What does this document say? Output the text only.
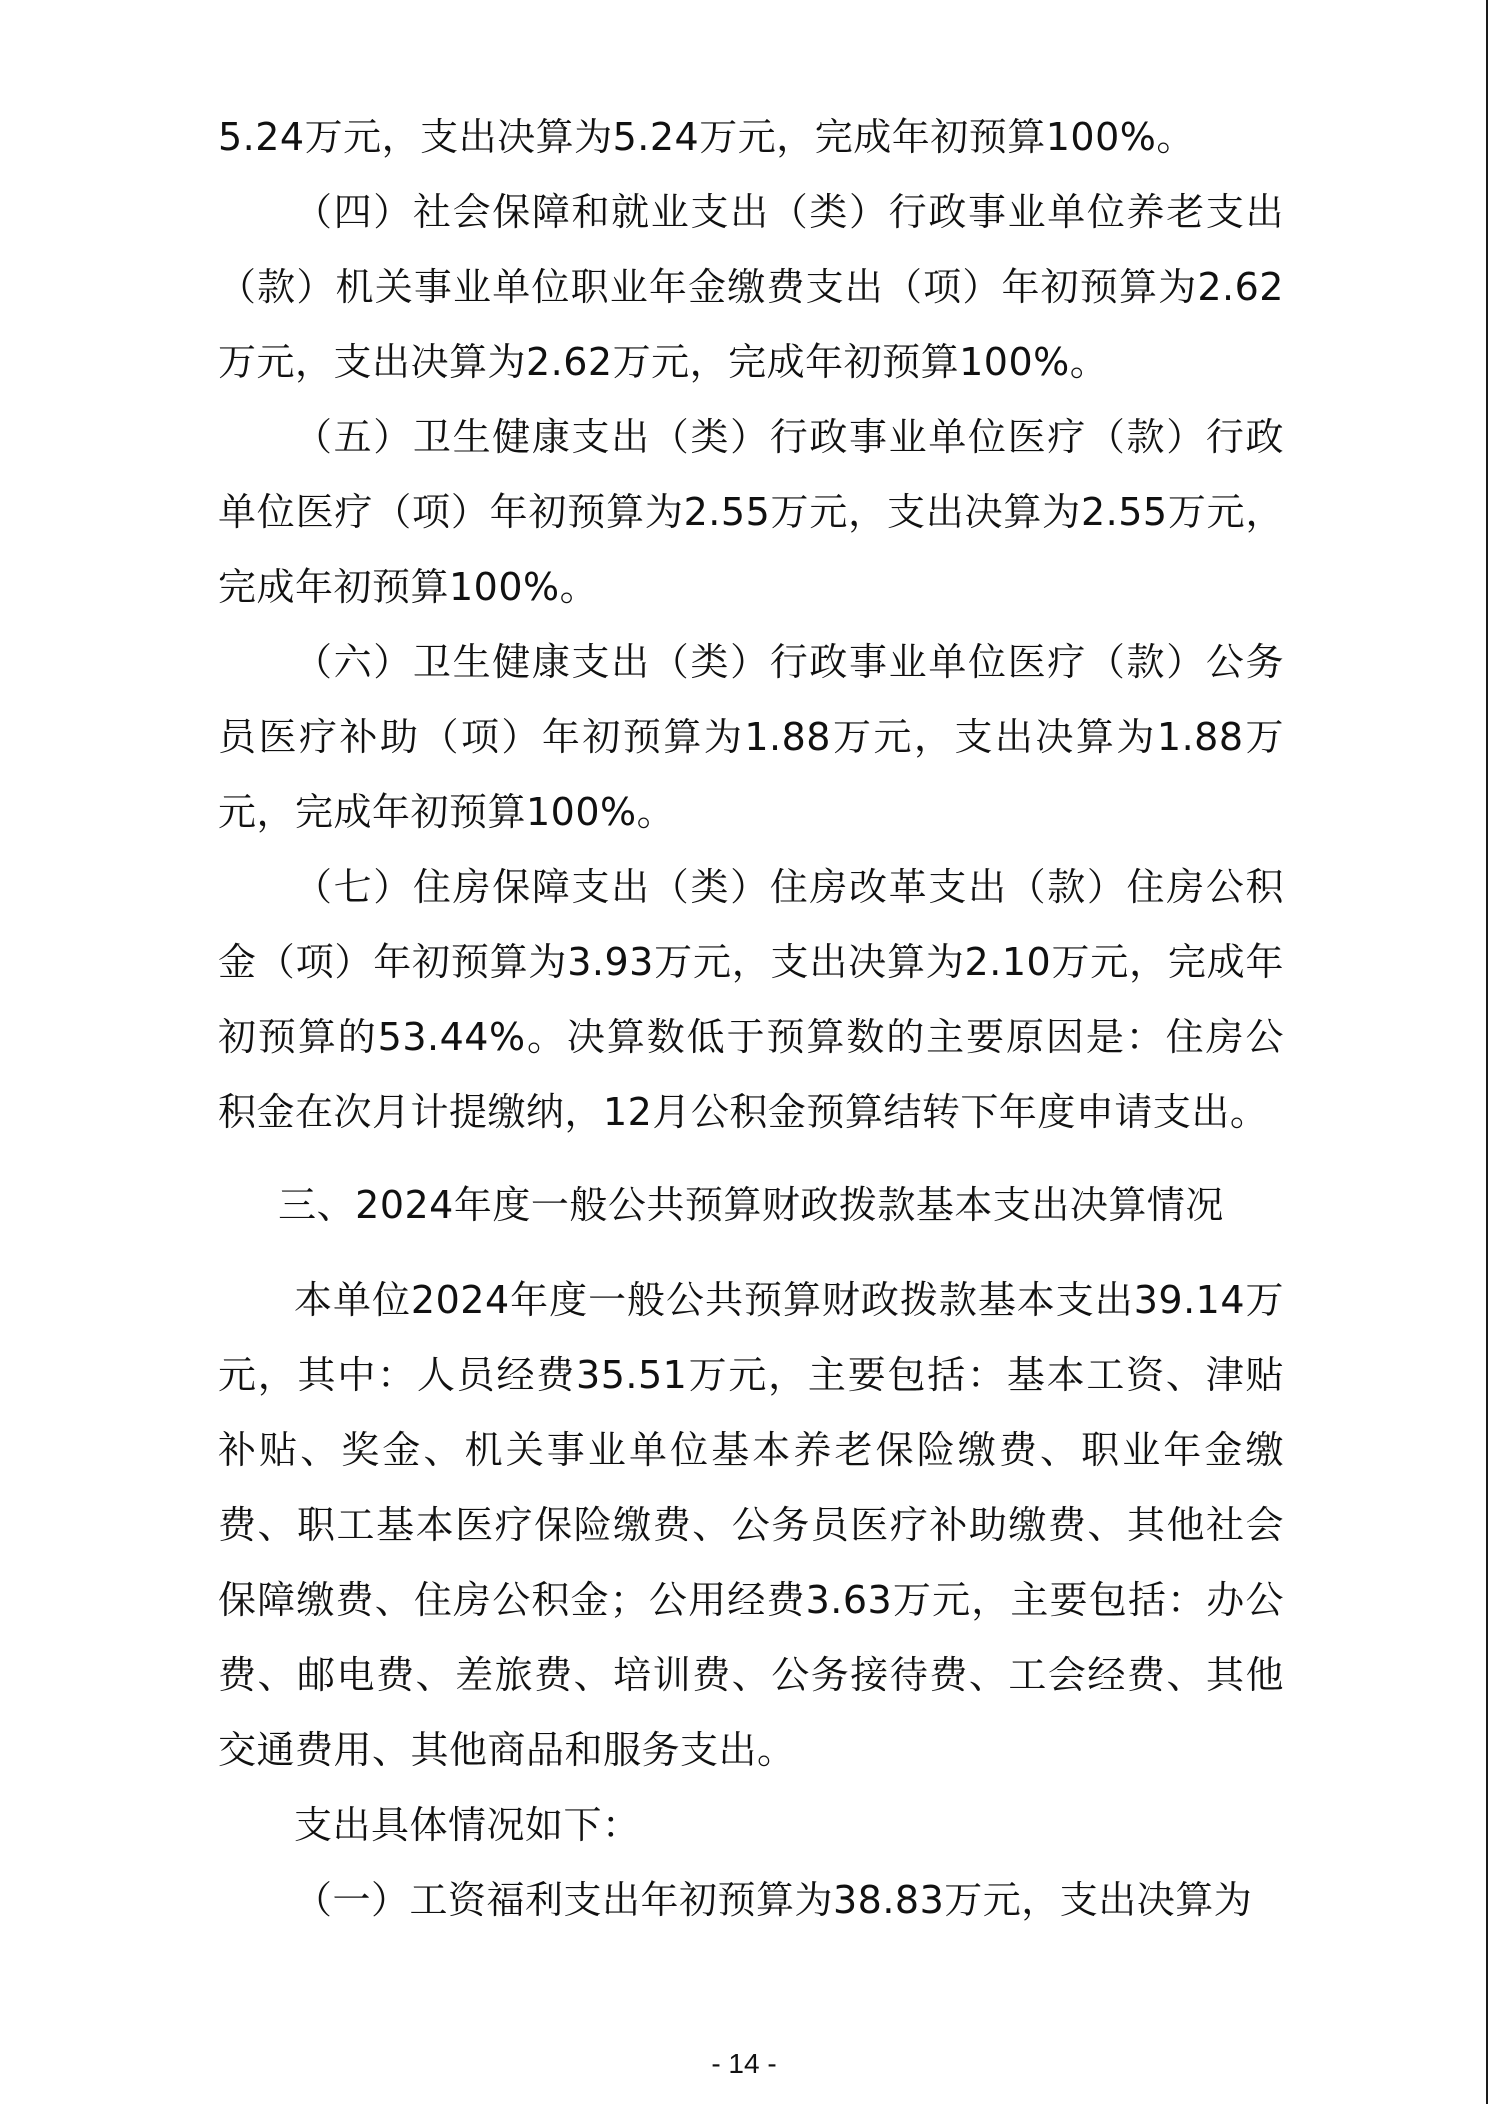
5.24万元，支出决算为5.24万元，完成年初预算100%。

（四）社会保障和就业支出（类）行政事业单位养老支出（款）机关事业单位职业年金缴费支出（项）年初预算为2.62万元，支出决算为2.62万元，完成年初预算100%。

（五）卫生健康支出（类）行政事业单位医疗（款）行政单位医疗（项）年初预算为2.55万元，支出决算为2.55万元，完成年初预算100%。

（六）卫生健康支出（类）行政事业单位医疗（款）公务员医疗补助（项）年初预算为1.88万元，支出决算为1.88万元，完成年初预算100%。

（七）住房保障支出（类）住房改革支出（款）住房公积金（项）年初预算为3.93万元，支出决算为2.10万元，完成年初预算的53.44%。决算数低于预算数的主要原因是：住房公积金在次月计提缴纳，12月公积金预算结转下年度申请支出。

三、2024年度一般公共预算财政拨款基本支出决算情况

本单位2024年度一般公共预算财政拨款基本支出39.14万元，其中：人员经费35.51万元，主要包括：基本工资、津贴补贴、奖金、机关事业单位基本养老保险缴费、职业年金缴费、职工基本医疗保险缴费、公务员医疗补助缴费、其他社会保障缴费、住房公积金；公用经费3.63万元，主要包括：办公费、邮电费、差旅费、培训费、公务接待费、工会经费、其他交通费用、其他商品和服务支出。

支出具体情况如下：

（一）工资福利支出年初预算为38.83万元，支出决算为

- 14 -
